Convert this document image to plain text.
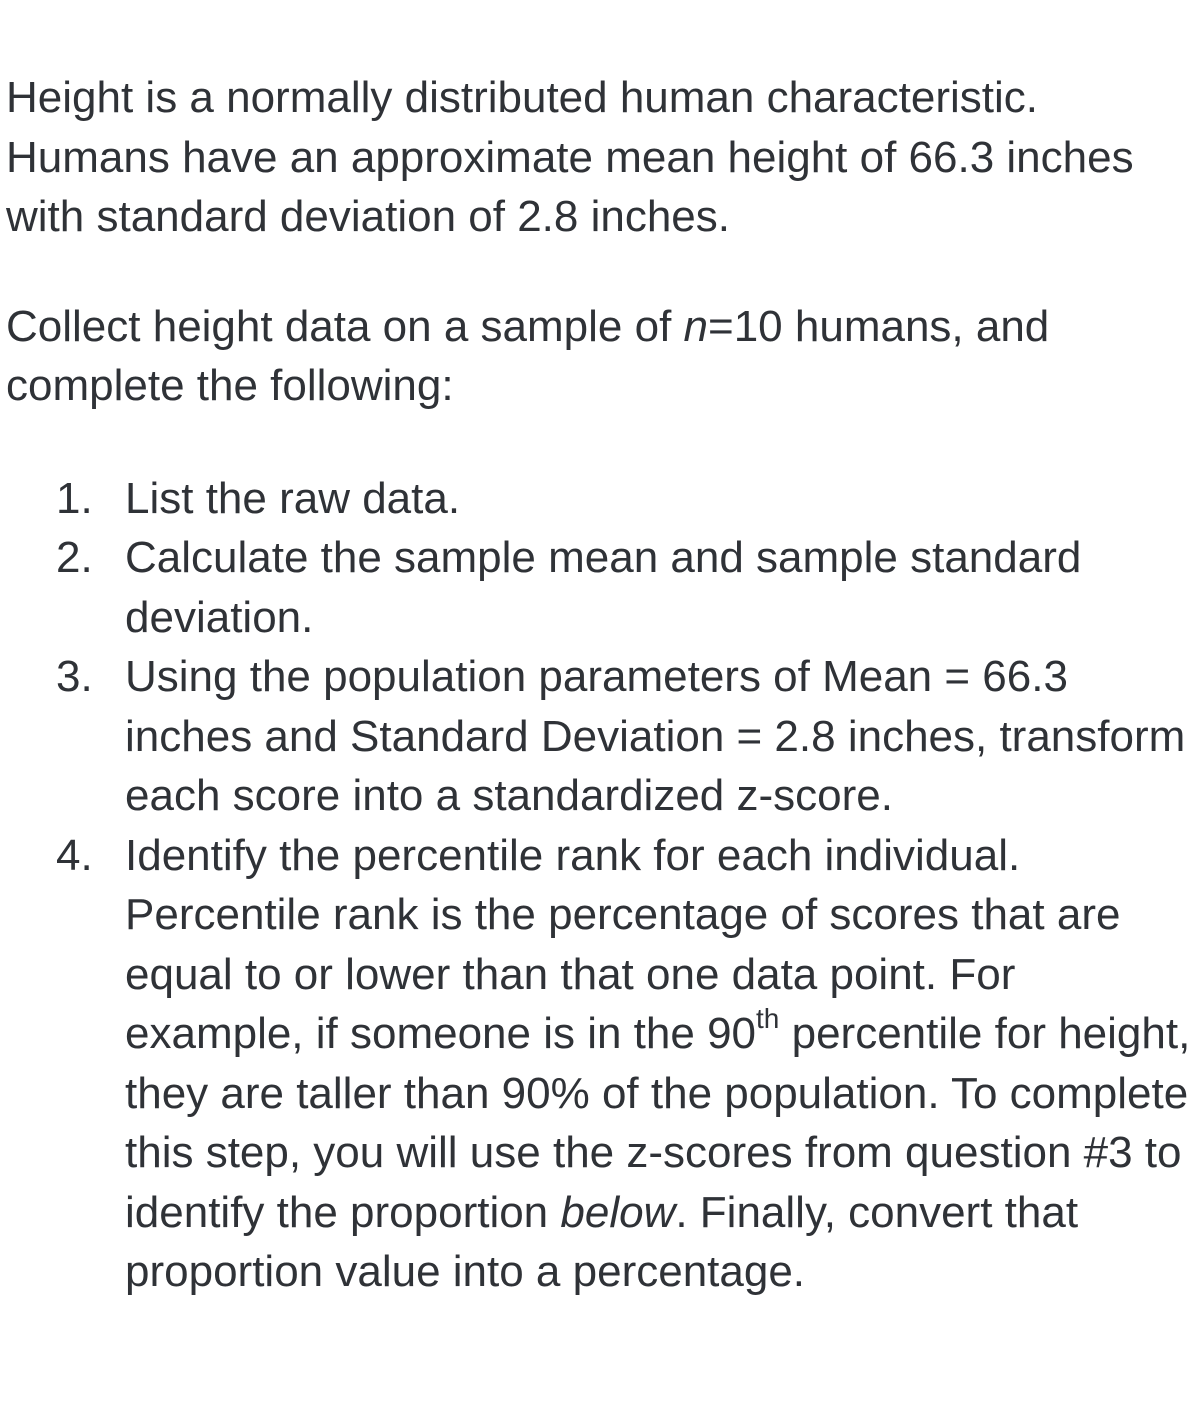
Height is a normally distributed human characteristic. Humans have an approximate mean height of 66.3 inches with standard deviation of 2.8 inches.

Collect height data on a sample of n=10 humans, and complete the following:

1. List the raw data.
2. Calculate the sample mean and sample standard deviation.
3. Using the population parameters of Mean = 66.3 inches and Standard Deviation = 2.8 inches, transform each score into a standardized z-score.
4. Identify the percentile rank for each individual. Percentile rank is the percentage of scores that are equal to or lower than that one data point. For example, if someone is in the 90th percentile for height, they are taller than 90% of the population. To complete this step, you will use the z-scores from question #3 to identify the proportion below. Finally, convert that proportion value into a percentage.
